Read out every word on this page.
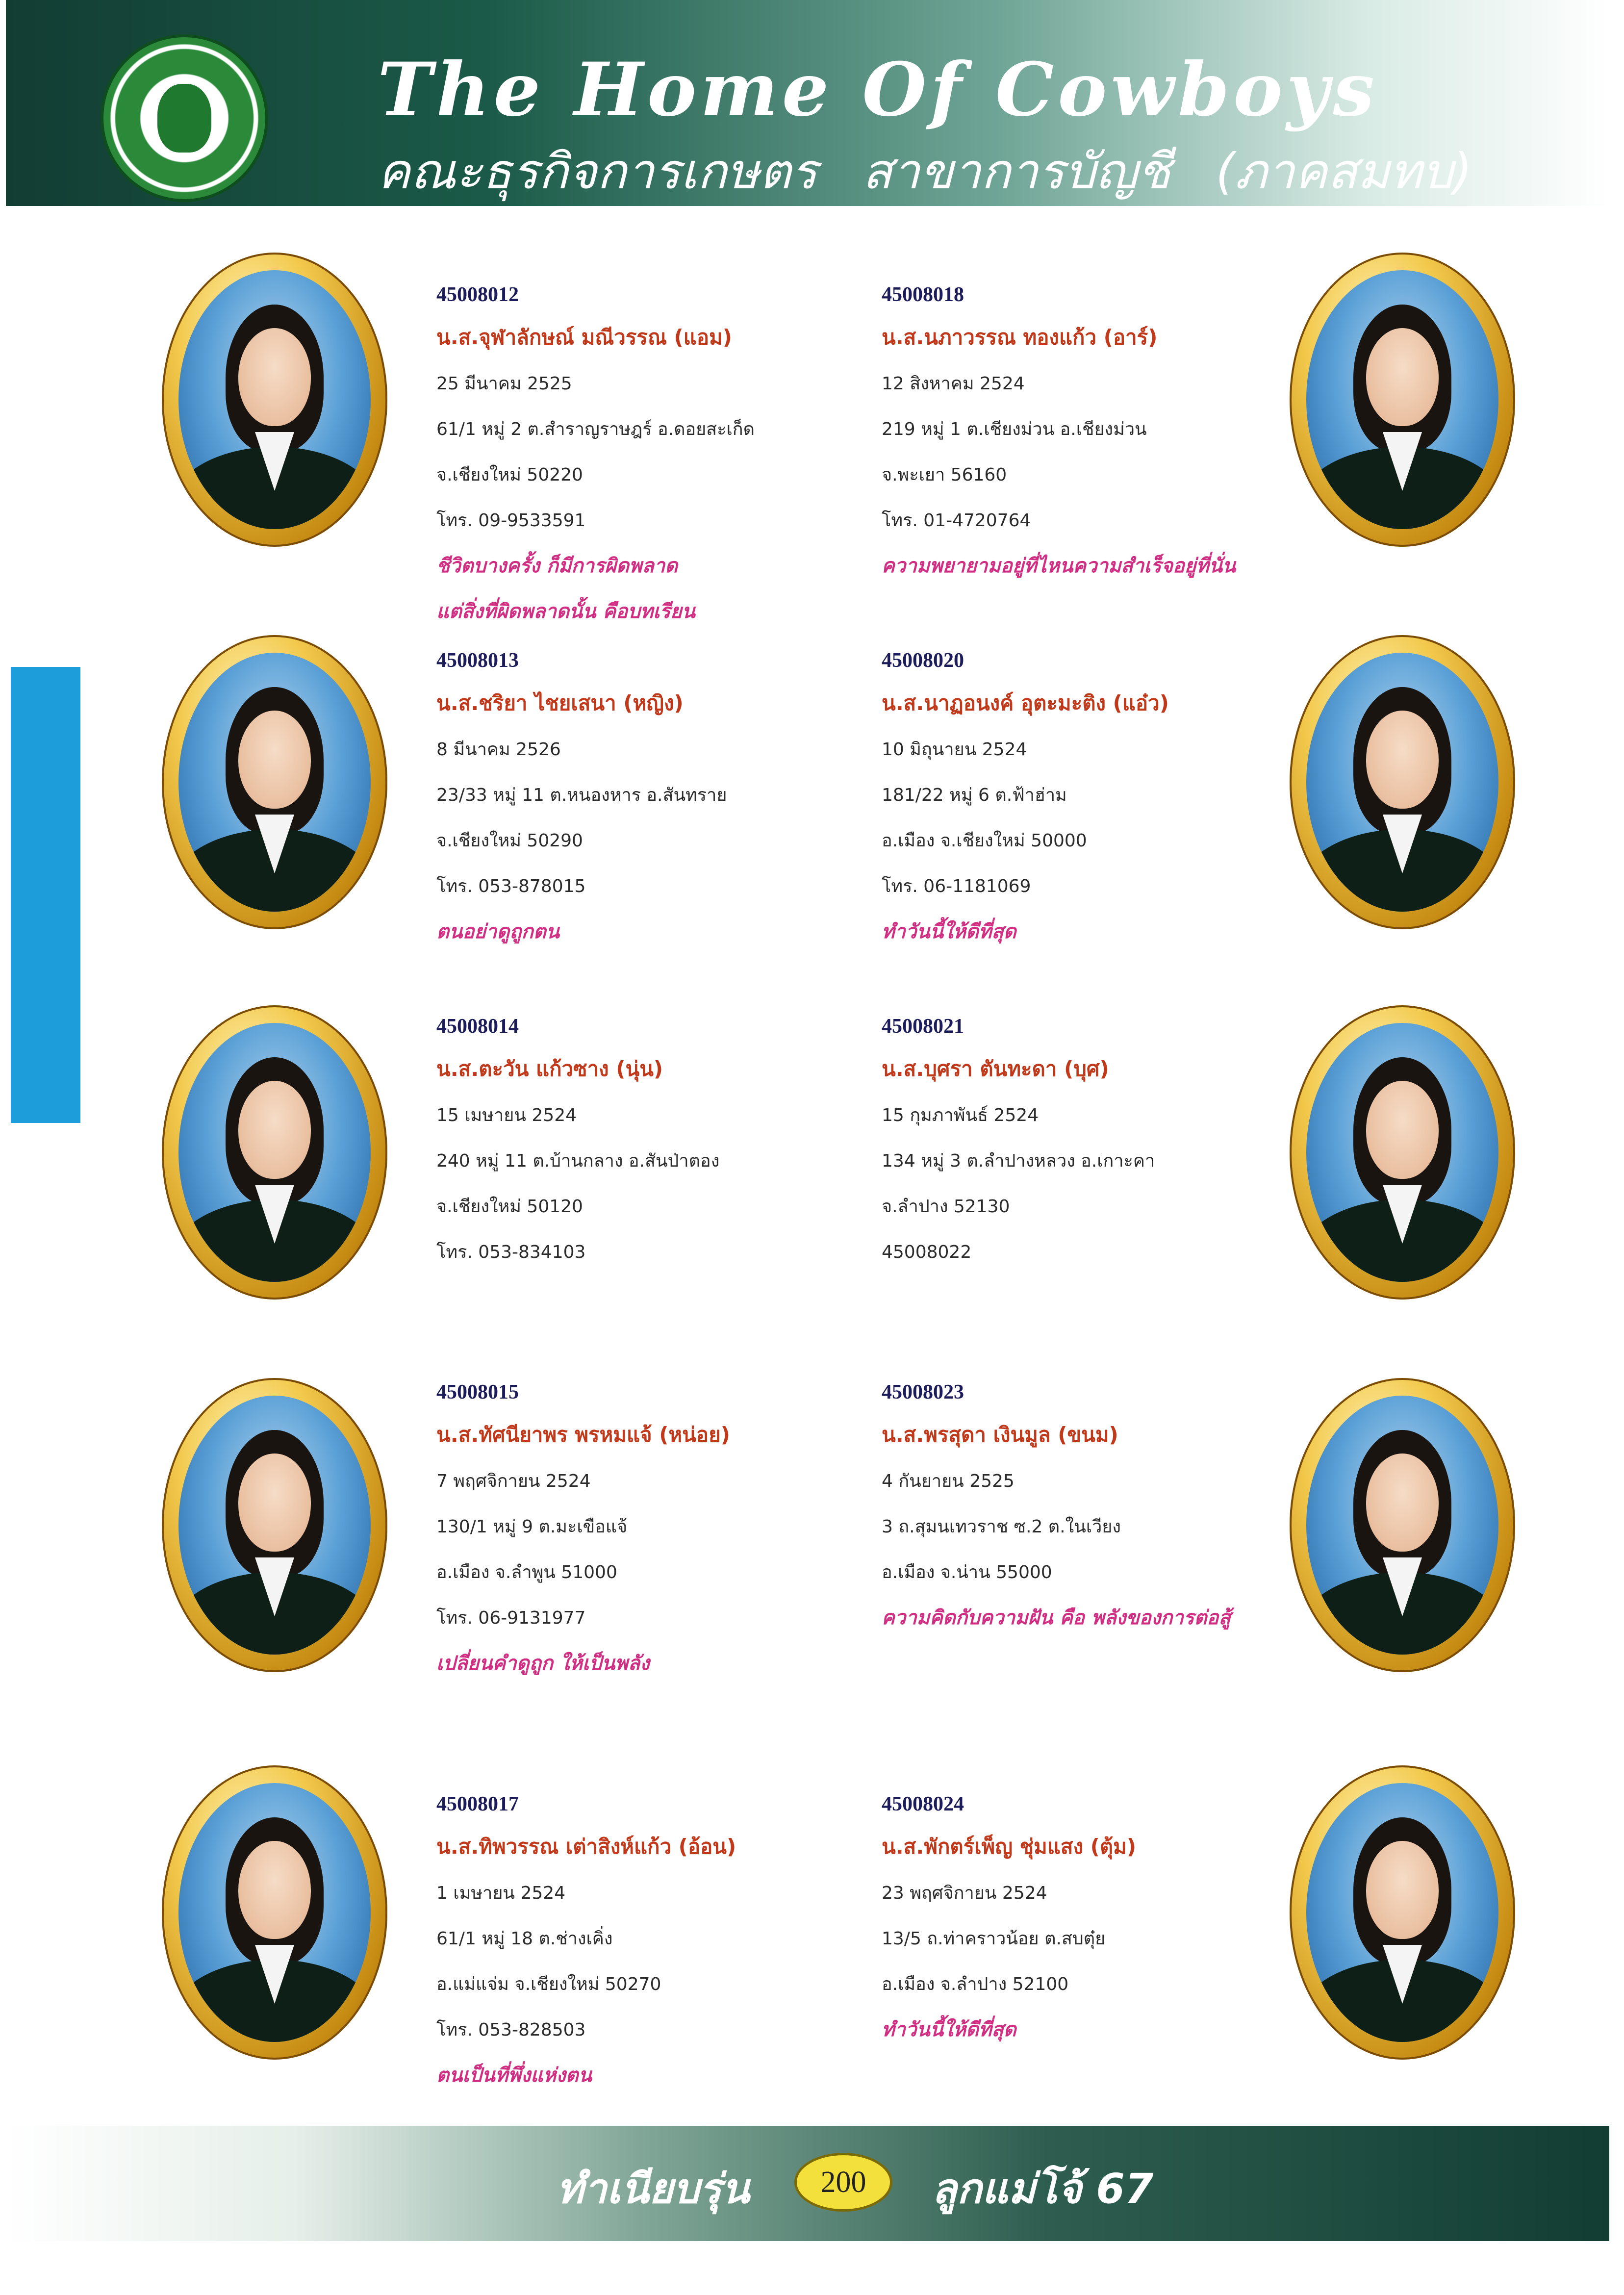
The Home Of Cowboys
คณะธุรกิจการเกษตร สาขาการบัญชี (ภาคสมทบ)
45008012
น.ส.จุฬาลักษณ์ มณีวรรณ (แอม)
25 มีนาคม 2525
61/1 หมู่ 2 ต.สำราญราษฎร์ อ.ดอยสะเก็ด
จ.เชียงใหม่ 50220
โทร. 09-9533591
ชีวิตบางครั้ง ก็มีการผิดพลาด
แต่สิ่งที่ผิดพลาดนั้น คือบทเรียน
45008013
น.ส.ชริยา ไชยเสนา (หญิง)
8 มีนาคม 2526
23/33 หมู่ 11 ต.หนองหาร อ.สันทราย
จ.เชียงใหม่ 50290
โทร. 053-878015
ตนอย่าดูถูกตน
45008014
น.ส.ตะวัน แก้วซาง (นุ่น)
15 เมษายน 2524
240 หมู่ 11 ต.บ้านกลาง อ.สันป่าตอง
จ.เชียงใหม่ 50120
โทร. 053-834103
45008015
น.ส.ทัศนียาพร พรหมแจ้ (หน่อย)
7 พฤศจิกายน 2524
130/1 หมู่ 9 ต.มะเขือแจ้
อ.เมือง จ.ลำพูน 51000
โทร. 06-9131977
เปลี่ยนคำดูถูก ให้เป็นพลัง
45008017
น.ส.ทิพวรรณ เต่าสิงห์แก้ว (อ้อน)
1 เมษายน 2524
61/1 หมู่ 18 ต.ช่างเคิ่ง
อ.แม่แจ่ม จ.เชียงใหม่ 50270
โทร. 053-828503
ตนเป็นที่พึ่งแห่งตน
45008018
น.ส.นภาวรรณ ทองแก้ว (อาร์)
12 สิงหาคม 2524
219 หมู่ 1 ต.เชียงม่วน อ.เชียงม่วน
จ.พะเยา 56160
โทร. 01-4720764
ความพยายามอยู่ที่ไหนความสำเร็จอยู่ที่นั่น
45008020
น.ส.นาฏอนงค์ อุตะมะติง (แอ๋ว)
10 มิถุนายน 2524
181/22 หมู่ 6 ต.ฟ้าฮ่าม
อ.เมือง จ.เชียงใหม่ 50000
โทร. 06-1181069
ทำวันนี้ให้ดีที่สุด
45008021
น.ส.บุศรา ตันทะดา (บุศ)
15 กุมภาพันธ์ 2524
134 หมู่ 3 ต.ลำปางหลวง อ.เกาะคา
จ.ลำปาง 52130
45008022
45008023
น.ส.พรสุดา เงินมูล (ขนม)
4 กันยายน 2525
3 ถ.สุมนเทวราช ซ.2 ต.ในเวียง
อ.เมือง จ.น่าน 55000
ความคิดกับความฝัน คือ พลังของการต่อสู้
45008024
น.ส.พักตร์เพ็ญ ชุ่มแสง (ตุ้ม)
23 พฤศจิกายน 2524
13/5 ถ.ท่าคราวน้อย ต.สบตุ๋ย
อ.เมือง จ.ลำปาง 52100
ทำวันนี้ให้ดีที่สุด
ทำเนียบรุ่น	200	ลูกแม่โจ้ 67
